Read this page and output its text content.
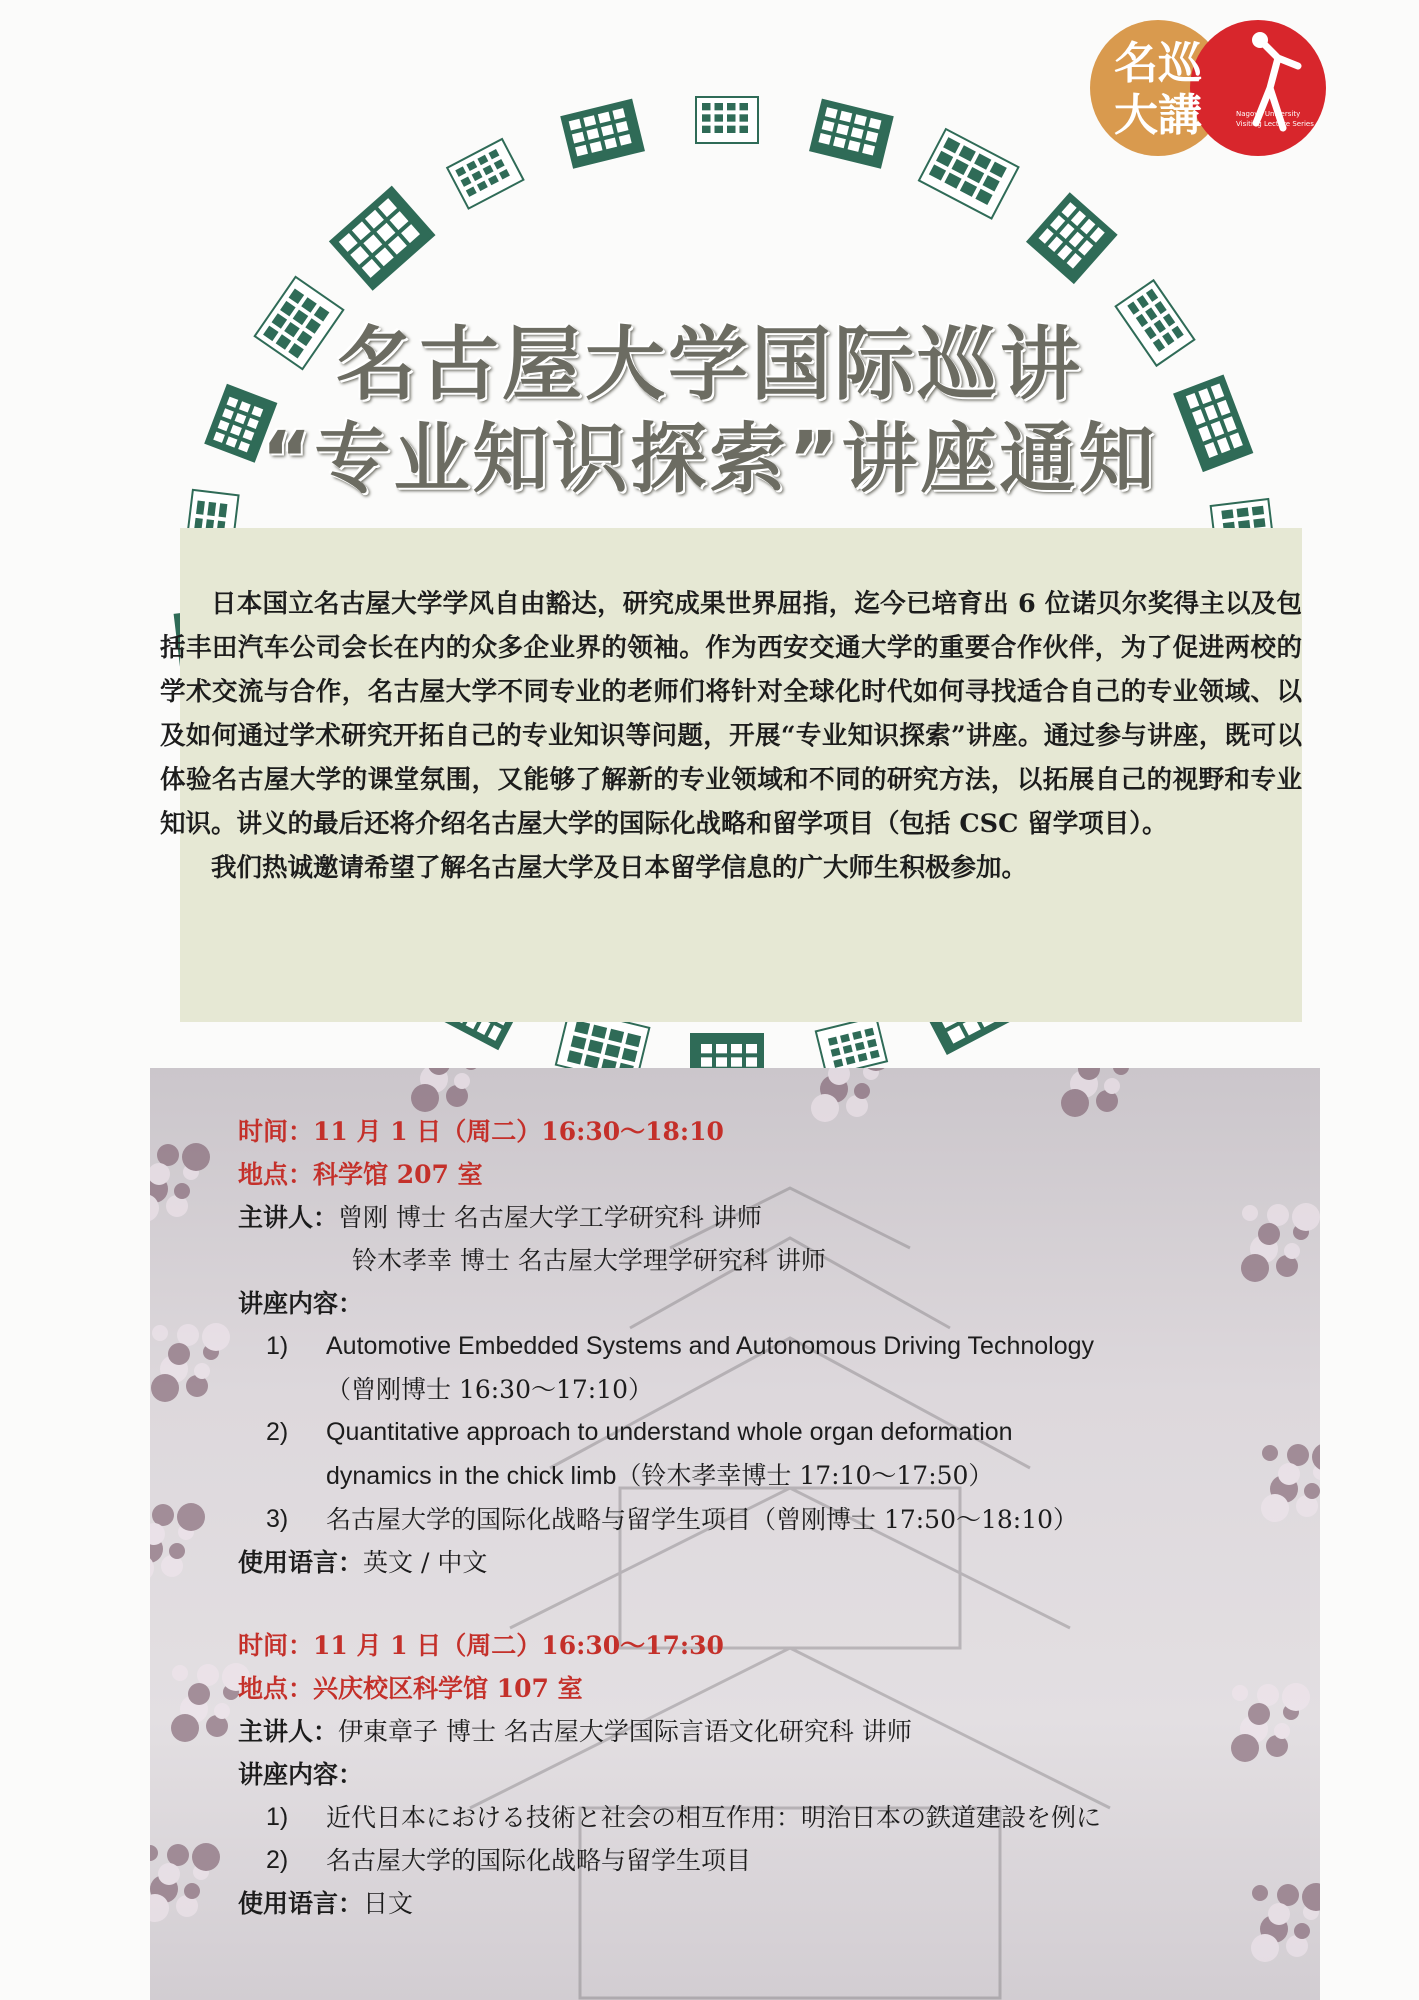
名巡
大講	Nagoya University
Visiting Lecture Series
名古屋大学国际巡讲
“专业知识探索”讲座通知

日本国立名古屋大学学风自由豁达，研究成果世界屈指，迄今已培育出 6 位诺贝尔奖得主以及包括丰田汽车公司会长在内的众多企业界的领袖。作为西安交通大学的重要合作伙伴，为了促进两校的学术交流与合作，名古屋大学不同专业的老师们将针对全球化时代如何寻找适合自己的专业领域、以及如何通过学术研究开拓自己的专业知识等问题，开展“专业知识探索”讲座。通过参与讲座，既可以体验名古屋大学的课堂氛围，又能够了解新的专业领域和不同的研究方法，以拓展自己的视野和专业知识。讲义的最后还将介绍名古屋大学的国际化战略和留学项目（包括 CSC 留学项目）。

我们热诚邀请希望了解名古屋大学及日本留学信息的广大师生积极参加。

时间：11 月 1 日（周二）16:30〜18:10
地点：科学馆 207 室
主讲人：曾刚 博士 名古屋大学工学研究科 讲师
铃木孝幸 博士 名古屋大学理学研究科 讲师
讲座内容：
1)	Automotive Embedded Systems and Autonomous Driving Technology
（曾刚博士 16:30〜17:10）
2)	Quantitative approach to understand whole organ deformation
dynamics in the chick limb（铃木孝幸博士 17:10〜17:50）
3)	名古屋大学的国际化战略与留学生项目（曾刚博士 17:50〜18:10）
使用语言：英文 / 中文
时间：11 月 1 日（周二）16:30〜17:30
地点：兴庆校区科学馆 107 室
主讲人：伊東章子 博士 名古屋大学国际言语文化研究科 讲师
讲座内容：
1)	近代日本における技術と社会の相互作用：明治日本の鉄道建設を例に
2)	名古屋大学的国际化战略与留学生项目
使用语言：日文
